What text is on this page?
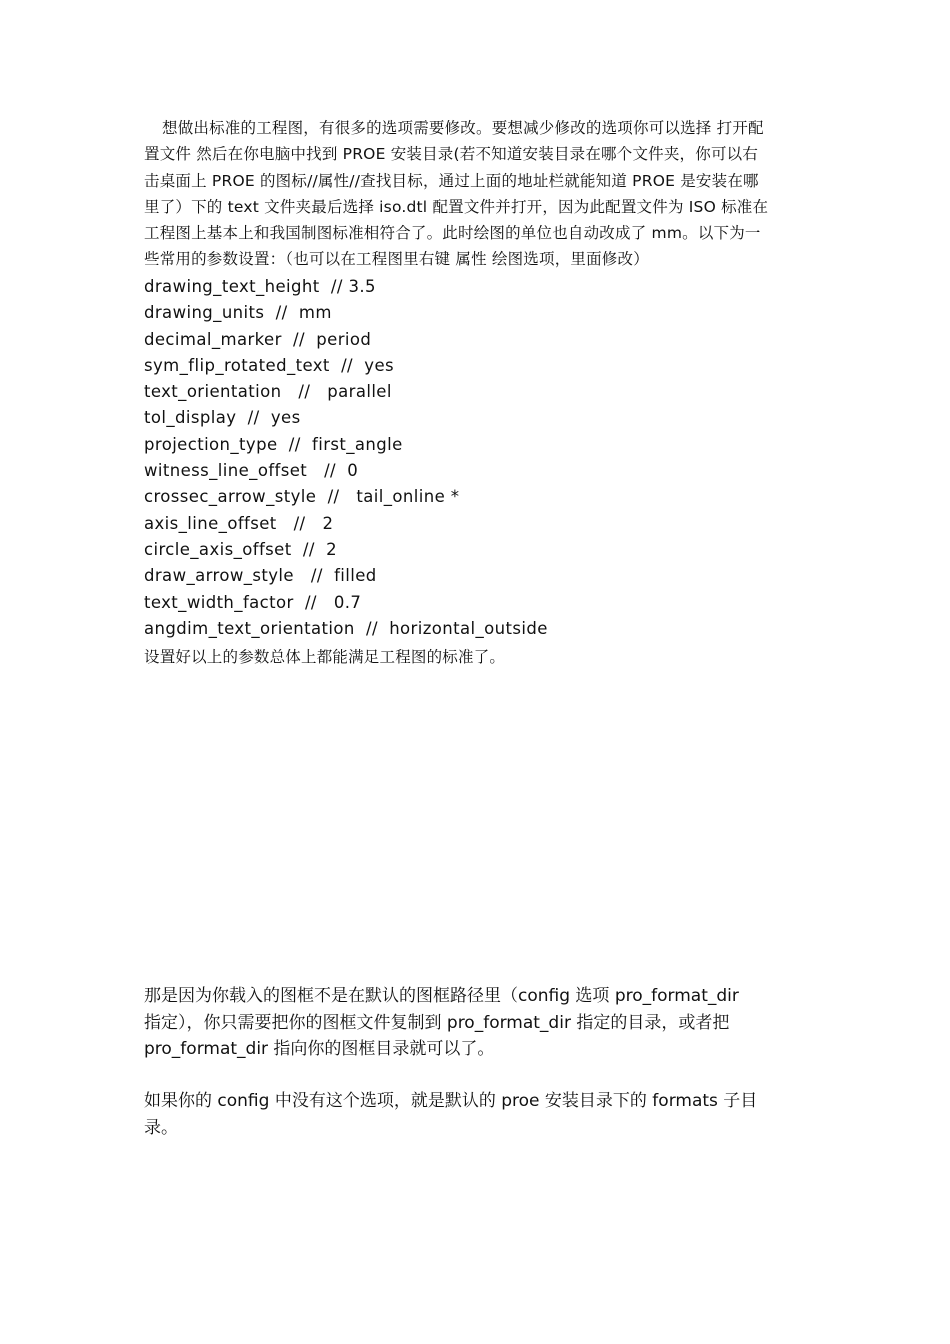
想做出标准的工程图，有很多的选项需要修改。要想减少修改的选项你可以选择 打开配
置文件 然后在你电脑中找到 PROE 安装目录(若不知道安装目录在哪个文件夹，你可以右
击桌面上 PROE 的图标//属性//查找目标，通过上面的地址栏就能知道 PROE 是安装在哪
里了）下的 text 文件夹最后选择 iso.dtl 配置文件并打开，因为此配置文件为 ISO 标准在
工程图上基本上和我国制图标准相符合了。此时绘图的单位也自动改成了 mm。以下为一
些常用的参数设置：（也可以在工程图里右键 属性 绘图选项，里面修改）
drawing_text_height  // 3.5
drawing_units  //  mm
decimal_marker  //  period
sym_flip_rotated_text  //  yes
text_orientation   //   parallel
tol_display  //  yes
projection_type  //  first_angle
witness_line_offset   //  0
crossec_arrow_style  //   tail_online *
axis_line_offset   //   2
circle_axis_offset  //  2
draw_arrow_style   //  filled
text_width_factor  //   0.7
angdim_text_orientation  //  horizontal_outside
设置好以上的参数总体上都能满足工程图的标准了。
那是因为你载入的图框不是在默认的图框路径里（config 选项 pro_format_dir
指定），你只需要把你的图框文件复制到 pro_format_dir 指定的目录，或者把
pro_format_dir 指向你的图框目录就可以了。
如果你的 config 中没有这个选项，就是默认的 proe 安装目录下的 formats 子目
录。
